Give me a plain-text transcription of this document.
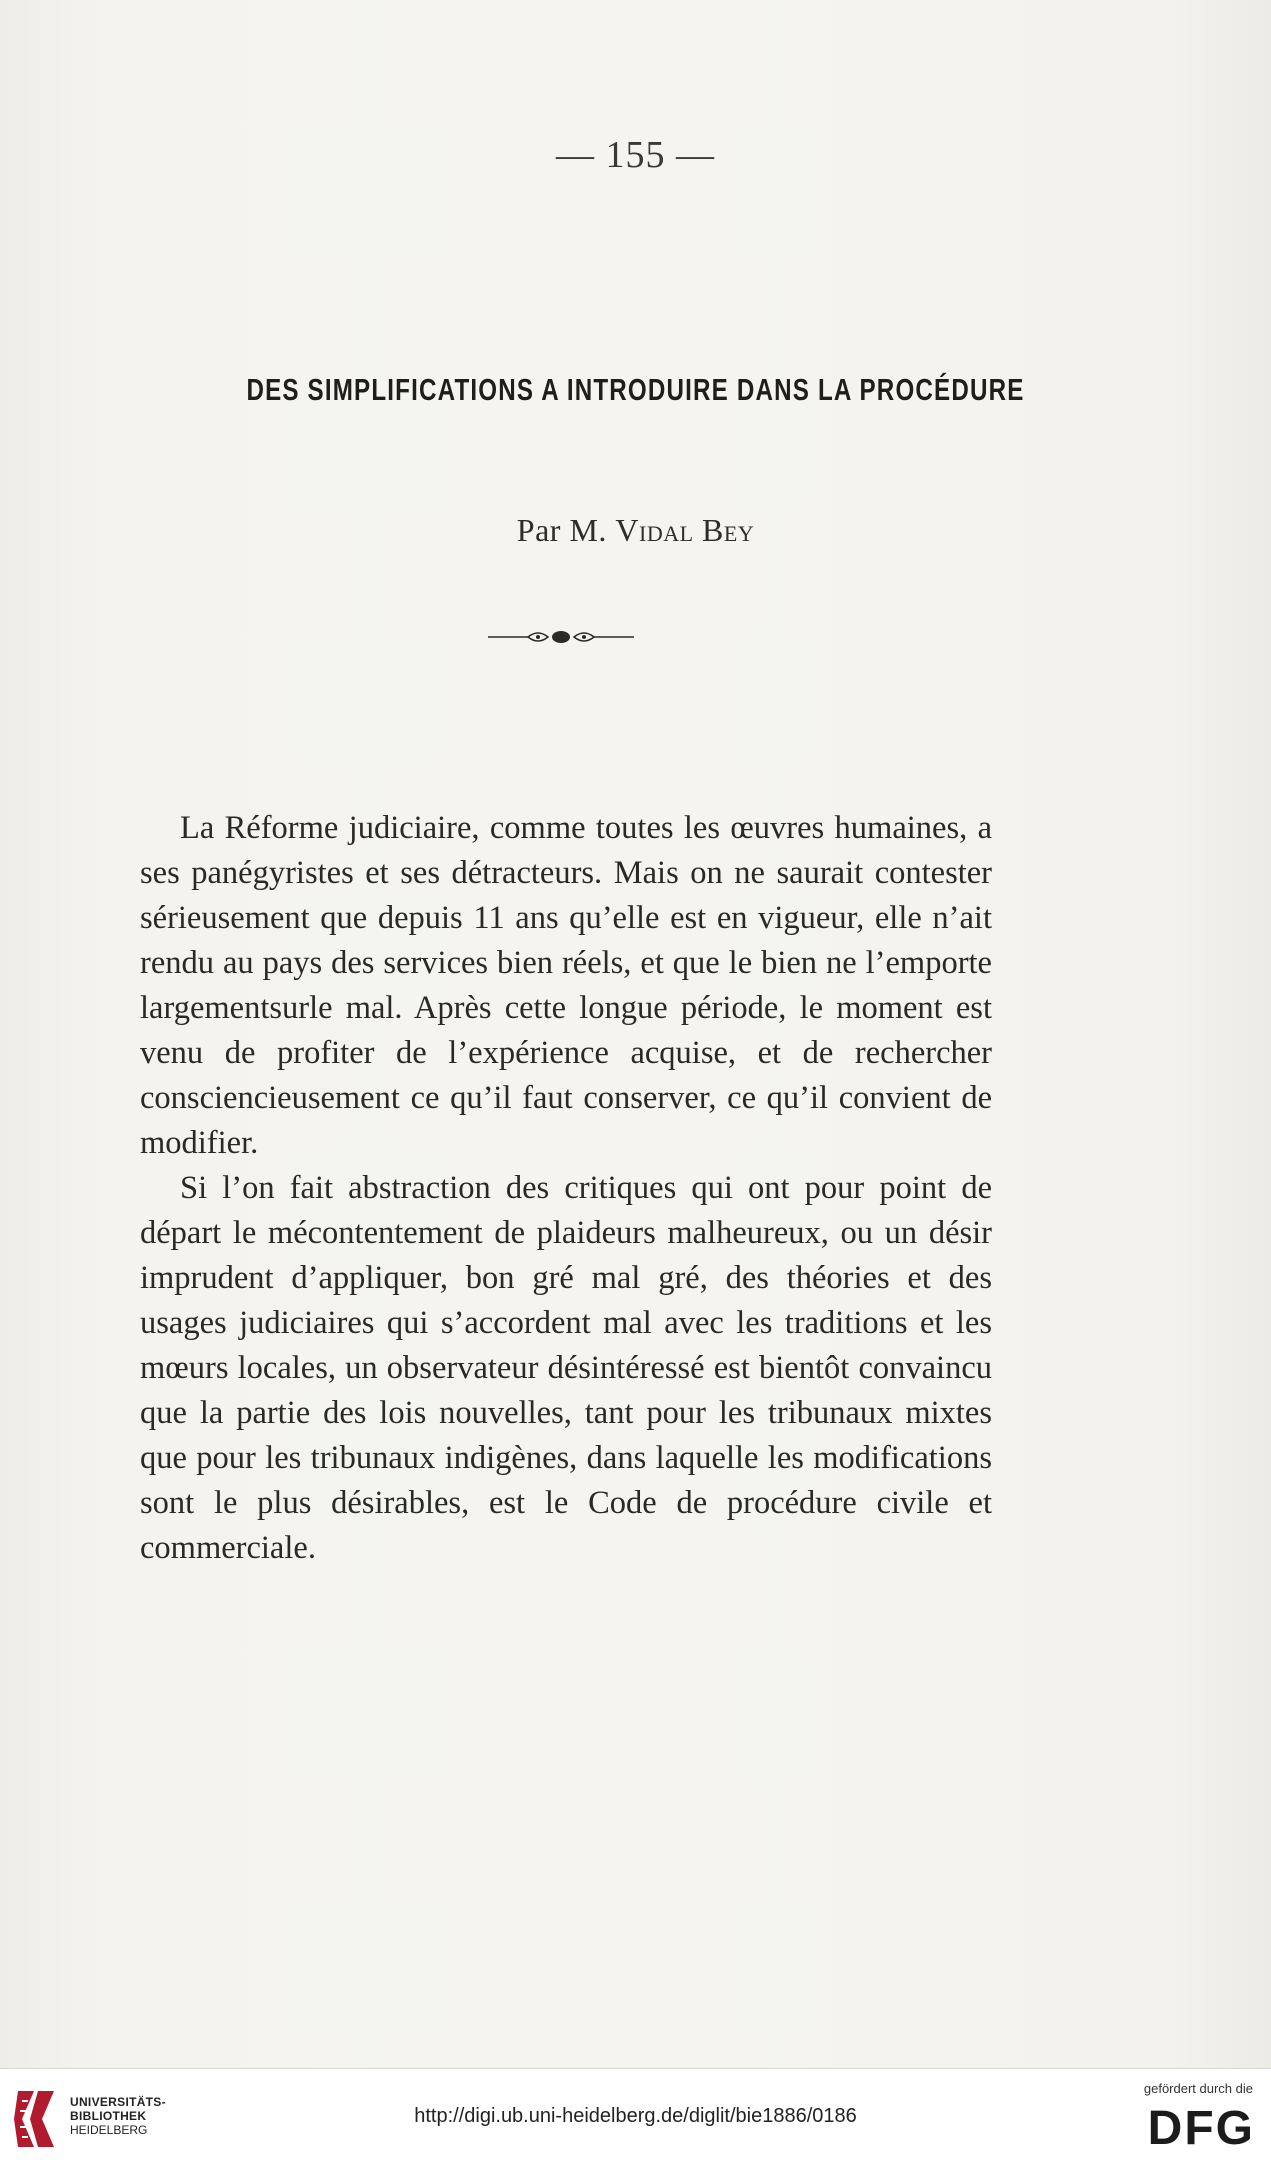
— 155 —
DES SIMPLIFICATIONS A INTRODUIRE DANS LA PROCÉDURE
Par M. Vidal Bey

La Réforme judiciaire, comme toutes les œuvres humaines, a ses panégyristes et ses détracteurs. Mais on ne saurait contester sérieusement que depuis 11 ans qu’elle est en vigueur, elle n’ait rendu au pays des services bien réels, et que le bien ne l’emporte largementsurle mal. Après cette longue période, le moment est venu de profiter de l’expérience acquise, et de rechercher consciencieusement ce qu’il faut conserver, ce qu’il convient de modifier.

Si l’on fait abstraction des critiques qui ont pour point de départ le mécontentement de plaideurs malheureux, ou un désir imprudent d’appliquer, bon gré mal gré, des théories et des usages judiciaires qui s’accordent mal avec les traditions et les mœurs locales, un observateur désintéressé est bientôt convaincu que la partie des lois nouvelles, tant pour les tribunaux mixtes que pour les tribunaux indigènes, dans laquelle les modifications sont le plus désirables, est le Code de procédure civile et commerciale.

UNIVERSITÄTS-
BIBLIOTHEK
HEIDELBERG
http://digi.ub.uni-heidelberg.de/diglit/bie1886/0186
gefördert durch die
DFG
